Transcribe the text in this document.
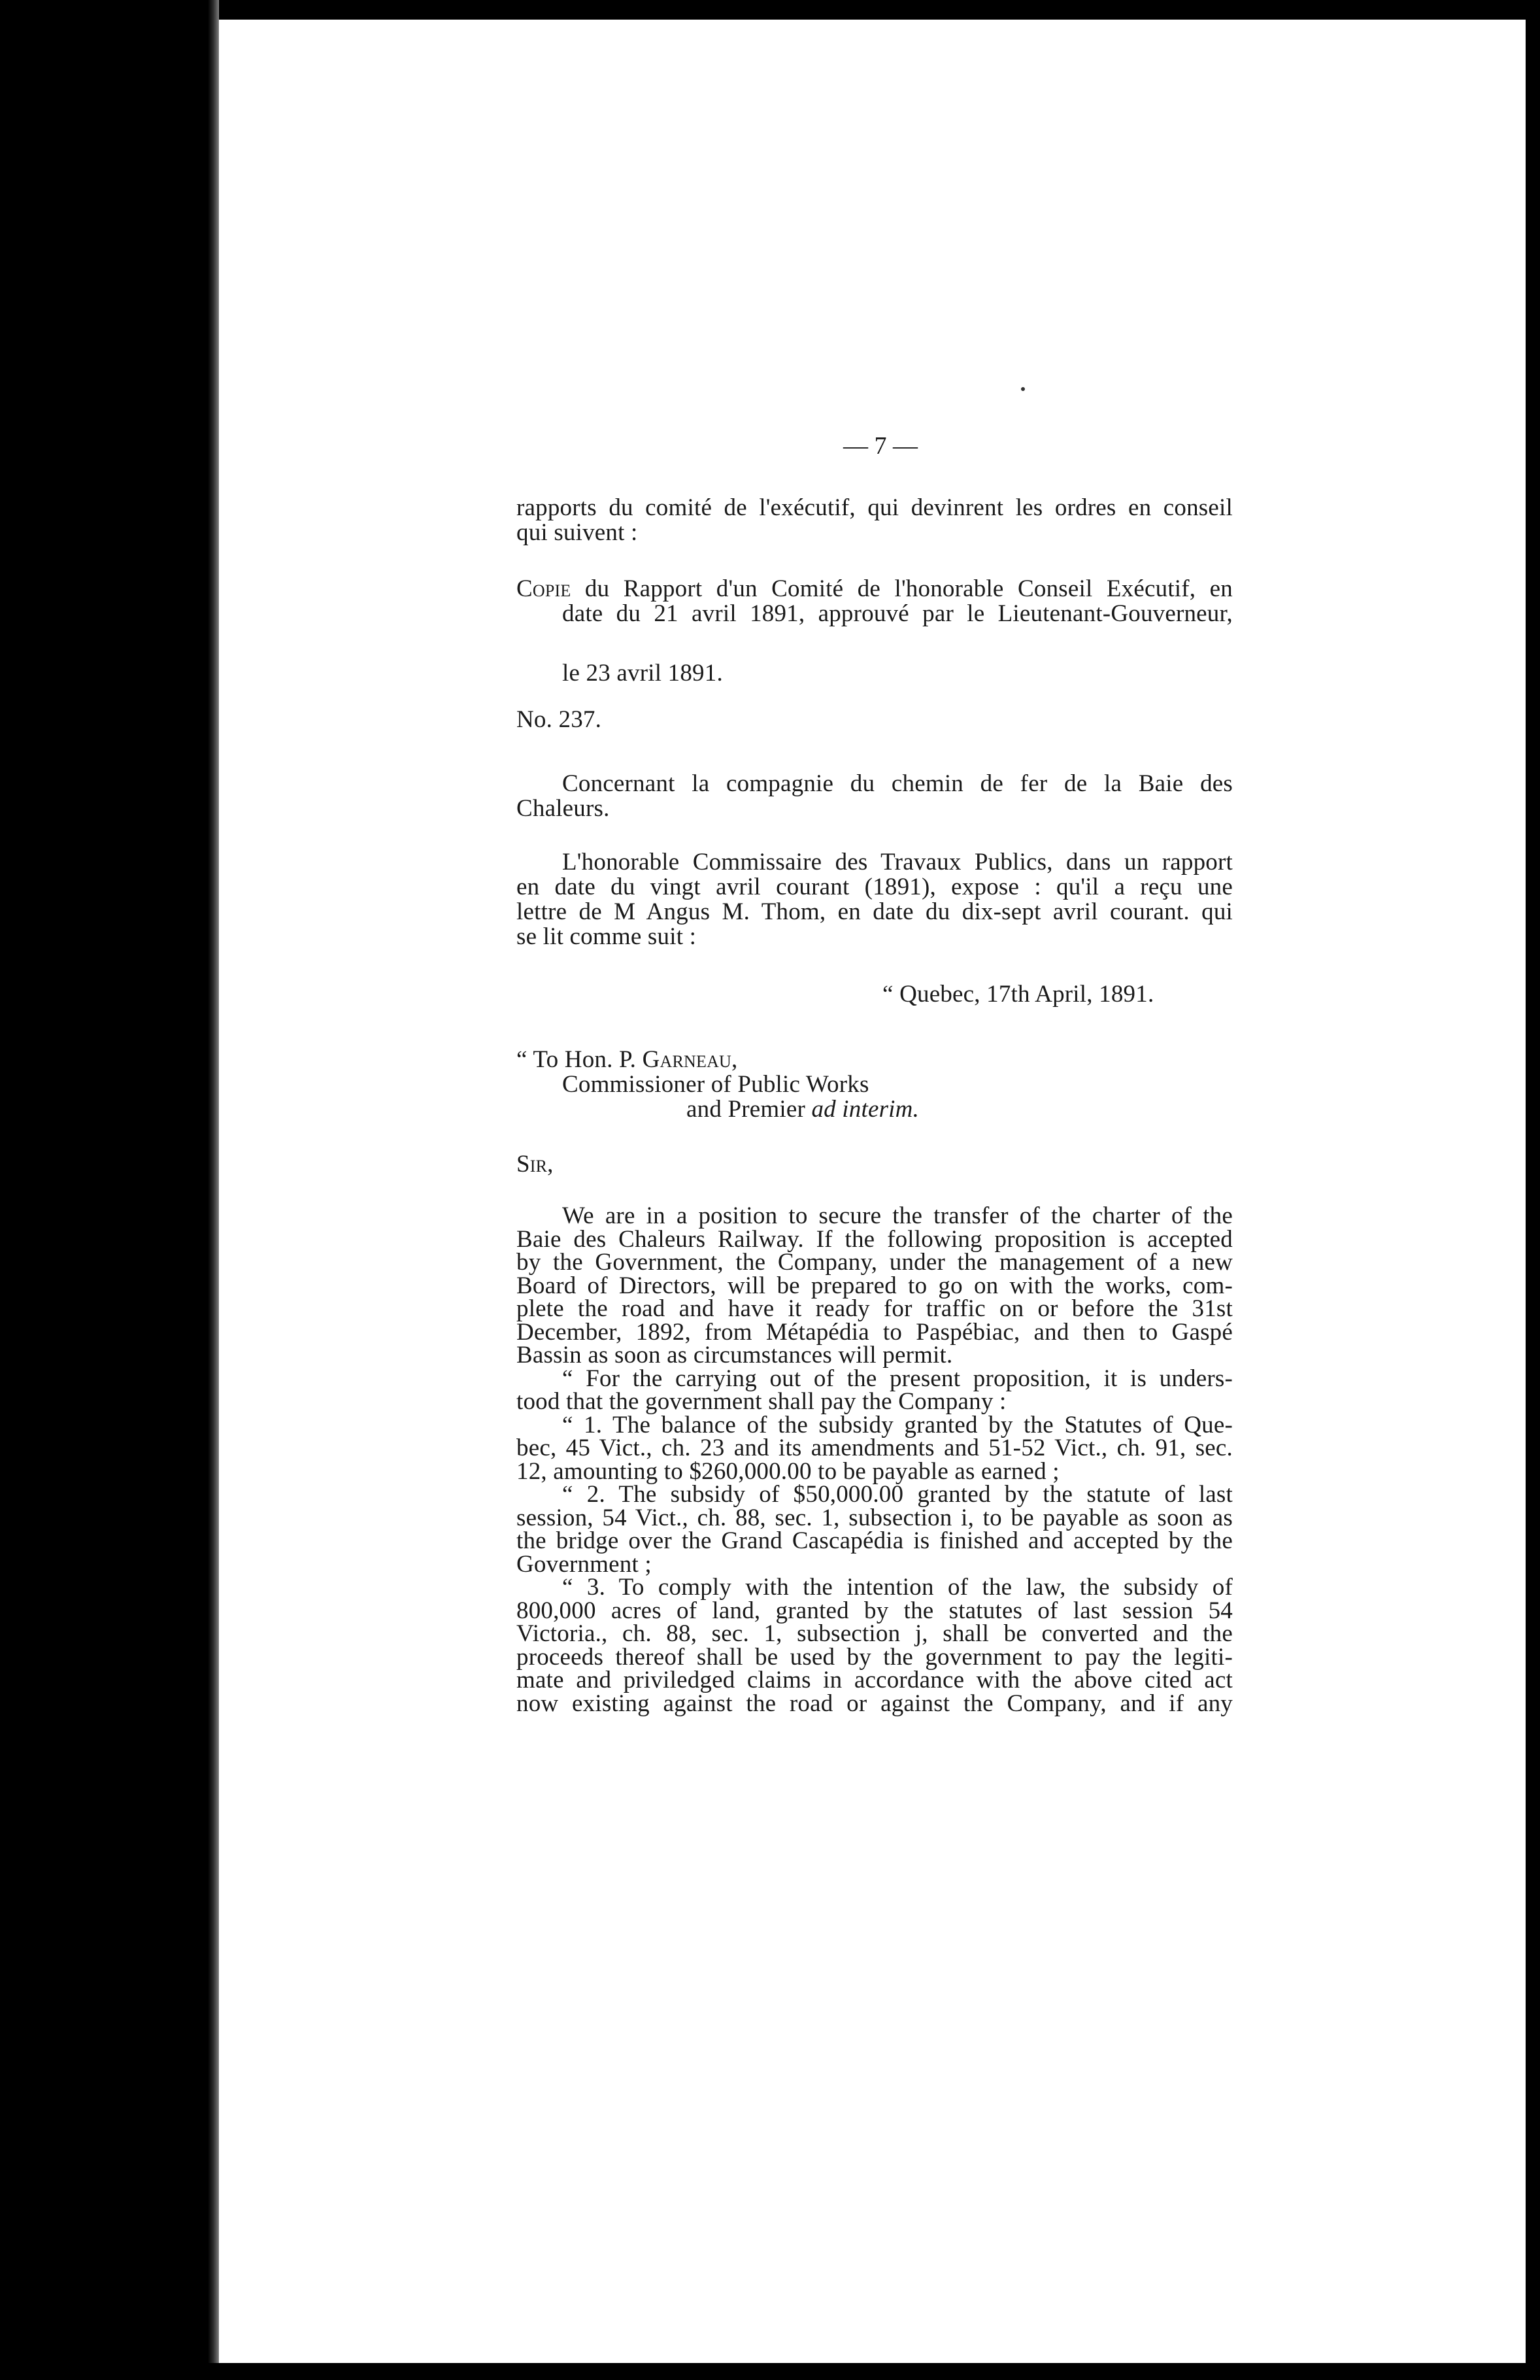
— 7 —
rapports du comité de l'exécutif, qui devinrent les ordres en conseil
qui suivent :
Copie du Rapport d'un Comité de l'honorable Conseil Exécutif, en
date du 21 avril 1891, approuvé par le Lieutenant-Gouverneur,
le 23 avril 1891.
No. 237.
Concernant la compagnie du chemin de fer de la Baie des
Chaleurs.
L'honorable Commissaire des Travaux Publics, dans un rapport
en date du vingt avril courant (1891), expose : qu'il a reçu une
lettre de M Angus M. Thom, en date du dix-sept avril courant. qui
se lit comme suit :
“ Quebec, 17th April, 1891.
“ To Hon. P. Garneau,
Commissioner of Public Works
and Premier ad interim.
Sir,
We are in a position to secure the transfer of the charter of the
Baie des Chaleurs Railway. If the following proposition is accepted
by the Government, the Company, under the management of a new
Board of Directors, will be prepared to go on with the works, com-
plete the road and have it ready for traffic on or before the 31st
December, 1892, from Métapédia to Paspébiac, and then to Gaspé
Bassin as soon as circumstances will permit.
“ For the carrying out of the present proposition, it is unders-
tood that the government shall pay the Company :
“ 1. The balance of the subsidy granted by the Statutes of Que-
bec, 45 Vict., ch. 23 and its amendments and 51-52 Vict., ch. 91, sec.
12, amounting to $260,000.00 to be payable as earned ;
“ 2. The subsidy of $50,000.00 granted by the statute of last
session, 54 Vict., ch. 88, sec. 1, subsection i, to be payable as soon as
the bridge over the Grand Cascapédia is finished and accepted by the
Government ;
“ 3. To comply with the intention of the law, the subsidy of
800,000 acres of land, granted by the statutes of last session 54
Victoria., ch. 88, sec. 1, subsection j, shall be converted and the
proceeds thereof shall be used by the government to pay the legiti-
mate and priviledged claims in accordance with the above cited act
now existing against the road or against the Company, and if any
